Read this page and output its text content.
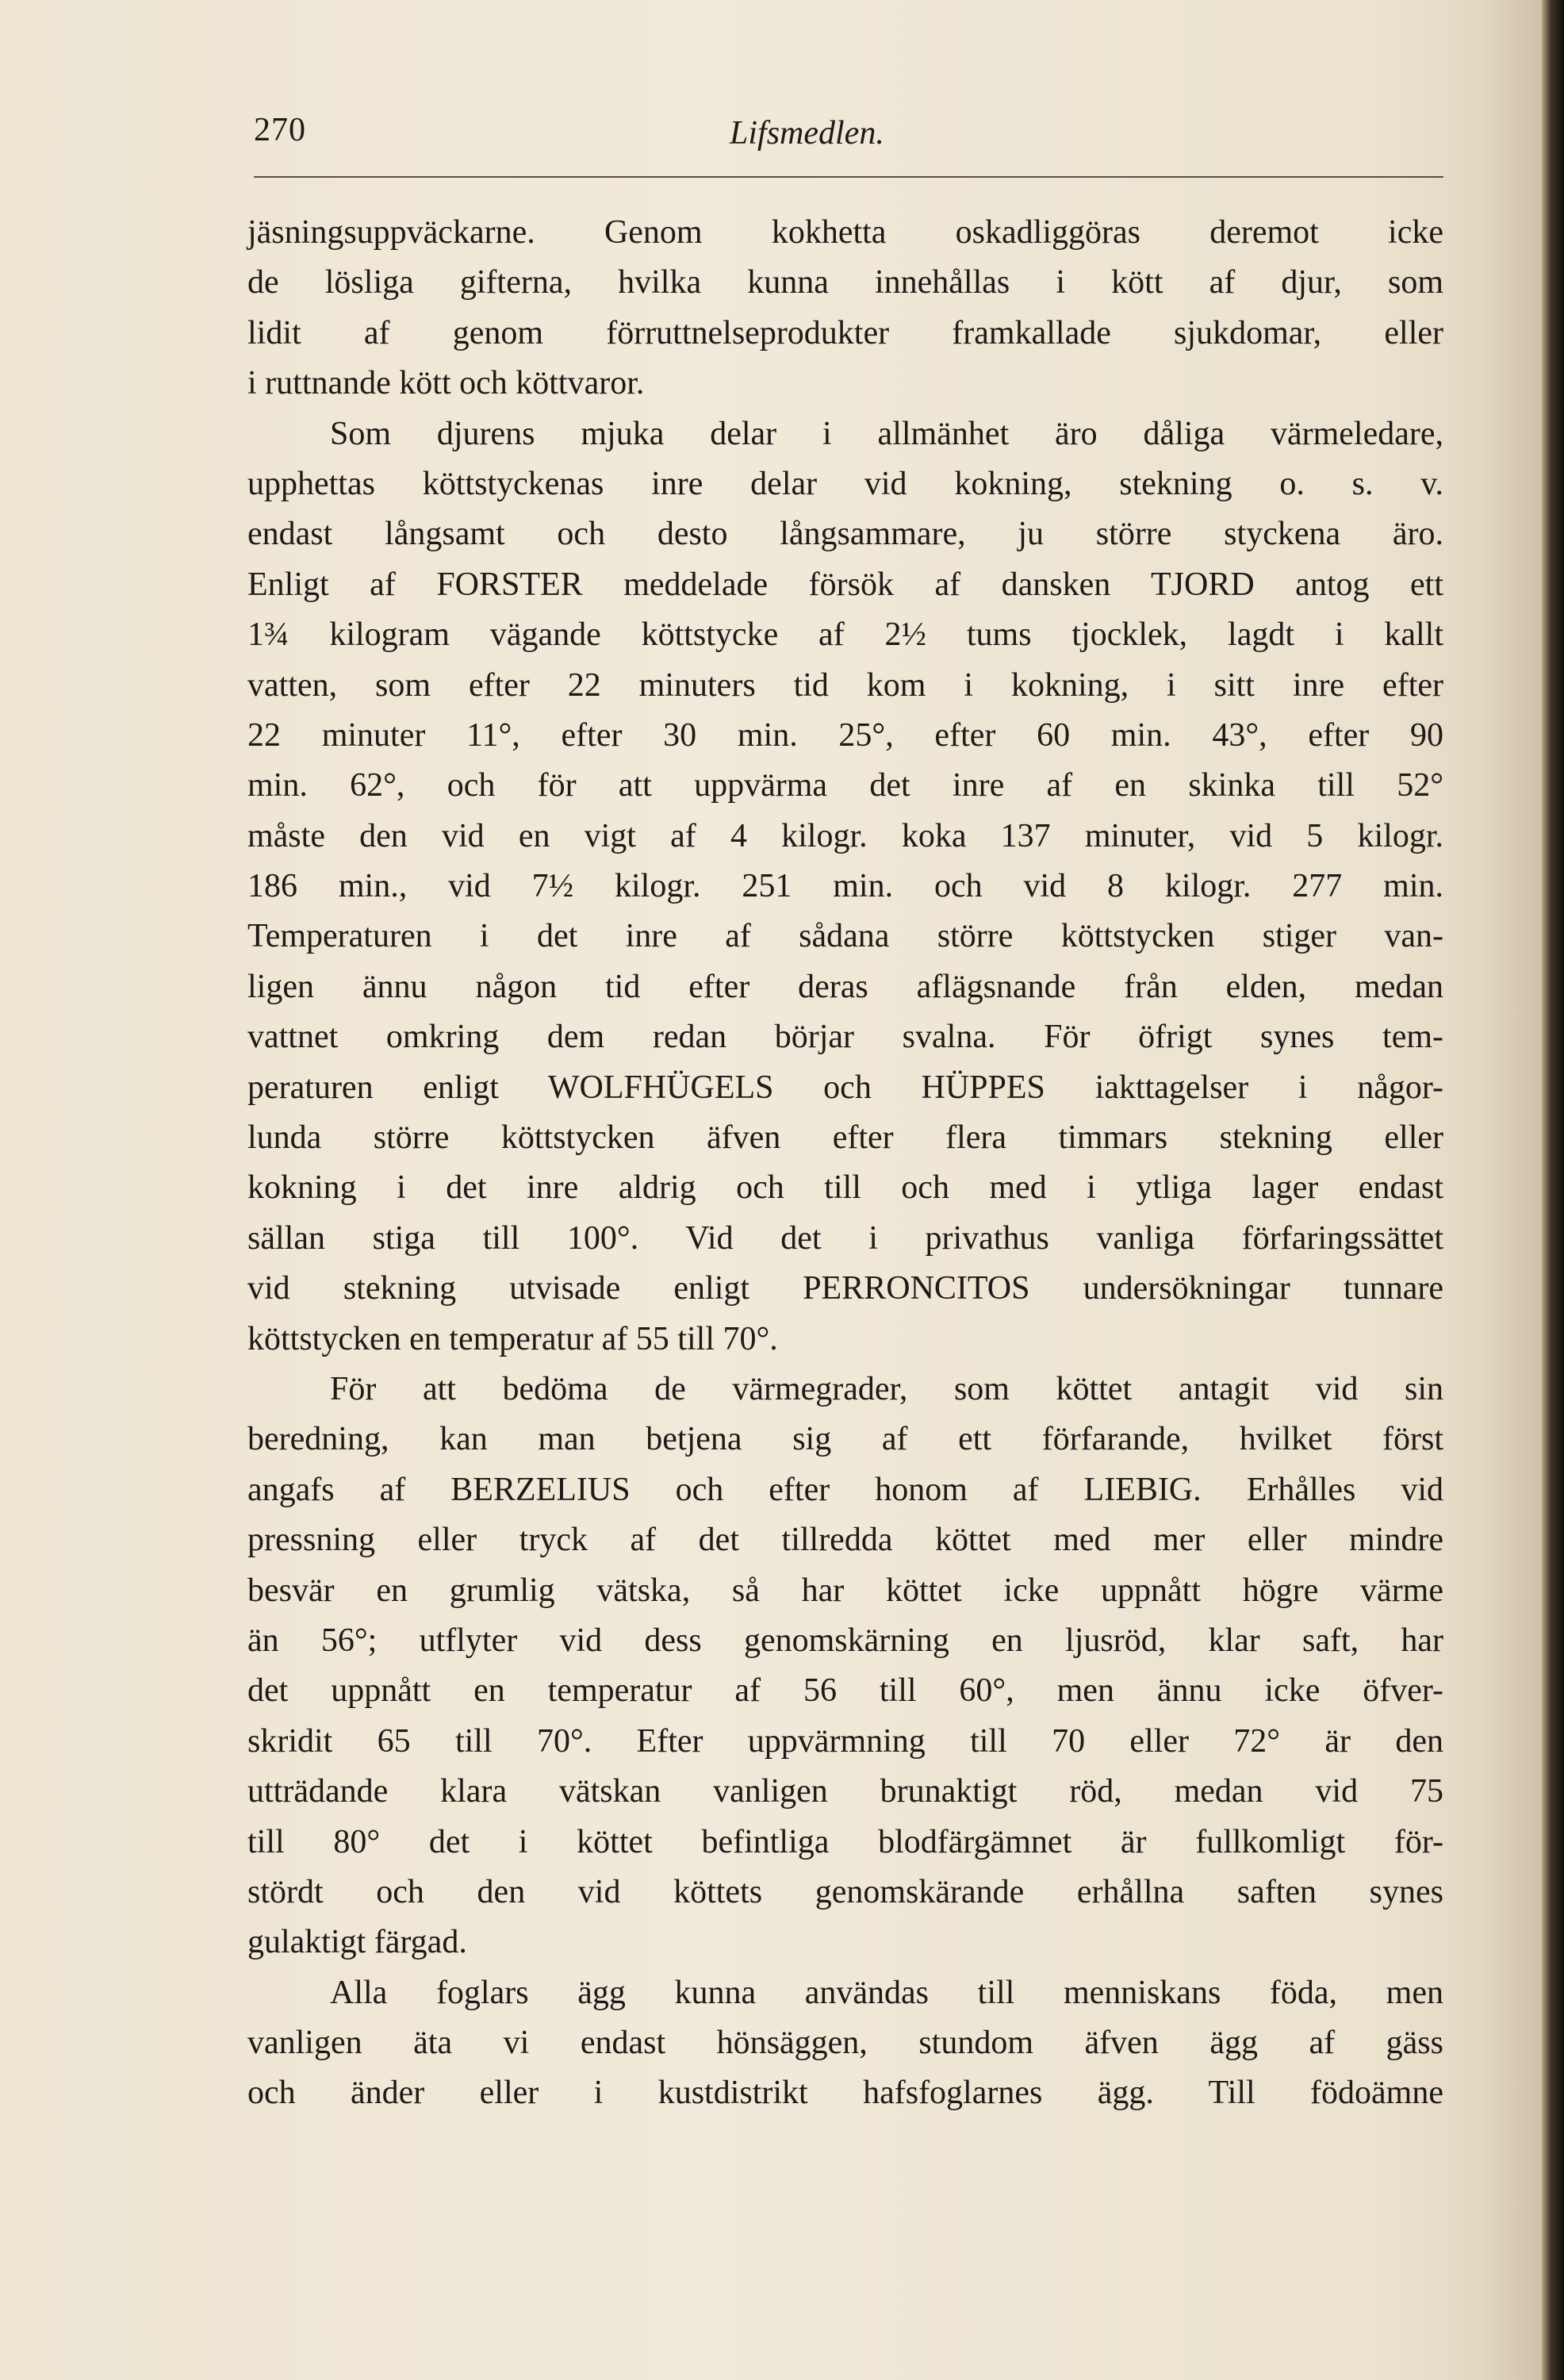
270	Lifsmedlen.
jäsningsuppväckarne. Genom kokhetta oskadliggöras deremot icke
de lösliga gifterna, hvilka kunna innehållas i kött af djur, som
lidit af genom förruttnelseprodukter framkallade sjukdomar, eller
i ruttnande kött och köttvaror.
Som djurens mjuka delar i allmänhet äro dåliga värmeledare,
upphettas köttstyckenas inre delar vid kokning, stekning o. s. v.
endast långsamt och desto långsammare, ju större styckena äro.
Enligt af FORSTER meddelade försök af dansken TJORD antog ett
1¾ kilogram vägande köttstycke af 2½ tums tjocklek, lagdt i kallt
vatten, som efter 22 minuters tid kom i kokning, i sitt inre efter
22 minuter 11°, efter 30 min. 25°, efter 60 min. 43°, efter 90
min. 62°, och för att uppvärma det inre af en skinka till 52°
måste den vid en vigt af 4 kilogr. koka 137 minuter, vid 5 kilogr.
186 min., vid 7½ kilogr. 251 min. och vid 8 kilogr. 277 min.
Temperaturen i det inre af sådana större köttstycken stiger van-
ligen ännu någon tid efter deras aflägsnande från elden, medan
vattnet omkring dem redan börjar svalna. För öfrigt synes tem-
peraturen enligt WOLFHÜGELS och HÜPPES iakttagelser i någor-
lunda större köttstycken äfven efter flera timmars stekning eller
kokning i det inre aldrig och till och med i ytliga lager endast
sällan stiga till 100°. Vid det i privathus vanliga förfaringssättet
vid stekning utvisade enligt PERRONCITOS undersökningar tunnare
köttstycken en temperatur af 55 till 70°.
För att bedöma de värmegrader, som köttet antagit vid sin
beredning, kan man betjena sig af ett förfarande, hvilket först
angafs af BERZELIUS och efter honom af LIEBIG. Erhålles vid
pressning eller tryck af det tillredda köttet med mer eller mindre
besvär en grumlig vätska, så har köttet icke uppnått högre värme
än 56°; utflyter vid dess genomskärning en ljusröd, klar saft, har
det uppnått en temperatur af 56 till 60°, men ännu icke öfver-
skridit 65 till 70°. Efter uppvärmning till 70 eller 72° är den
utträdande klara vätskan vanligen brunaktigt röd, medan vid 75
till 80° det i köttet befintliga blodfärgämnet är fullkomligt för-
stördt och den vid köttets genomskärande erhållna saften synes
gulaktigt färgad.
Alla foglars ägg kunna användas till menniskans föda, men
vanligen äta vi endast hönsäggen, stundom äfven ägg af gäss
och änder eller i kustdistrikt hafsfoglarnes ägg. Till födoämne
